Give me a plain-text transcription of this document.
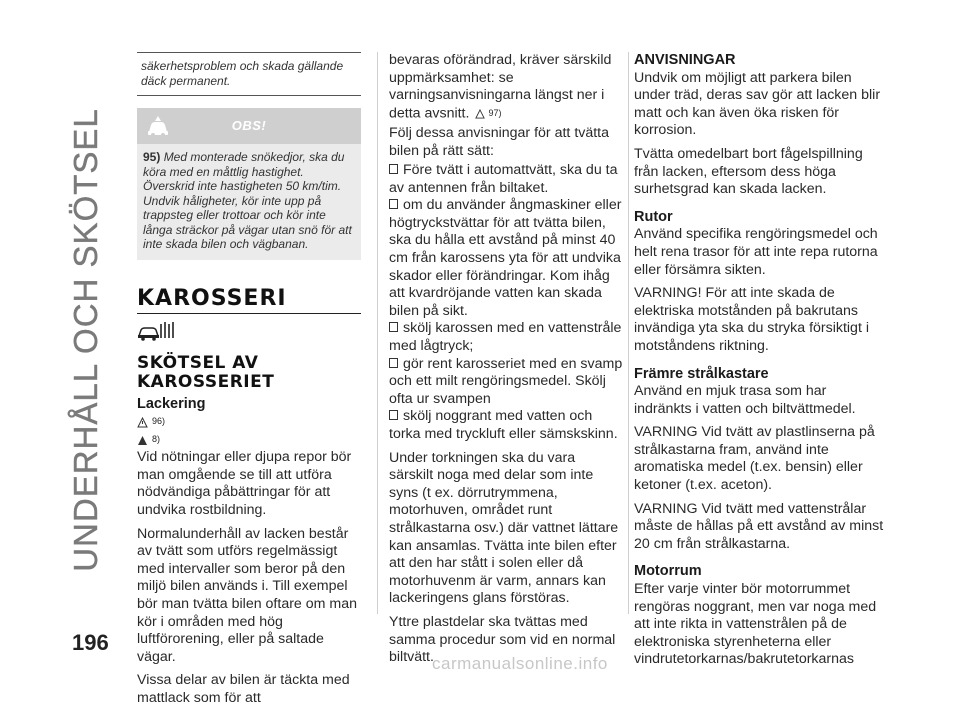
UNDERHÅLL OCH SKÖTSEL
196
säkerhetsproblem och skada gällande däck permanent.
OBS!
95) Med monterade snökedjor, ska du köra med en måttlig hastighet. Överskrid inte hastigheten 50 km/tim. Undvik håligheter, kör inte upp på trappsteg eller trottoar och kör inte långa sträckor på vägar utan snö för att inte skada bilen och vägbanan.
KAROSSERI
SKÖTSEL AV KAROSSERIET
Lackering
96)
8)

Vid nötningar eller djupa repor bör man omgående se till att utföra nödvändiga påbättringar för att undvika rostbildning.

Normalunderhåll av lacken består av tvätt som utförs regelmässigt med intervaller som beror på den miljö bilen används i. Till exempel bör man tvätta bilen oftare om man kör i områden med hög luftförorening, eller på saltade vägar.

Vissa delar av bilen är täckta med mattlack som för att

bevaras oförändrad, kräver särskild uppmärksamhet: se varningsanvisningarna längst ner i detta avsnitt. 97)

Följ dessa anvisningar för att tvätta bilen på rätt sätt:

Före tvätt i automattvätt, ska du ta av antennen från biltaket.
om du använder ångmaskiner eller högtryckstvättar för att tvätta bilen, ska du hålla ett avstånd på minst 40 cm från karossens yta för att undvika skador eller förändringar. Kom ihåg att kvardröjande vatten kan skada bilen på sikt.
skölj karossen med en vattenstråle med lågtryck;
gör rent karosseriet med en svamp och ett milt rengöringsmedel. Skölj ofta ur svampen
skölj noggrant med vatten och torka med tryckluft eller sämskskinn.

Under torkningen ska du vara särskilt noga med delar som inte syns (t ex. dörrutrymmena, motorhuven, området runt strålkastarna osv.) där vattnet lättare kan ansamlas. Tvätta inte bilen efter att den har stått i solen eller då motorhuvenm är varm, annars kan lackeringens glans förstöras.

Yttre plastdelar ska tvättas med samma procedur som vid en normal biltvätt.

ANVISNINGAR

Undvik om möjligt att parkera bilen under träd, deras sav gör att lacken blir matt och kan även öka risken för korrosion.

Tvätta omedelbart bort fågelspillning från lacken, eftersom dess höga surhetsgrad kan skada lacken.

Rutor

Använd specifika rengöringsmedel och helt rena trasor för att inte repa rutorna eller försämra sikten.

VARNING! För att inte skada de elektriska motstånden på bakrutans invändiga yta ska du stryka försiktigt i motståndens riktning.

Främre strålkastare

Använd en mjuk trasa som har indränkts i vatten och biltvättmedel.

VARNING Vid tvätt av plastlinserna på strålkastarna fram, använd inte aromatiska medel (t.ex. bensin) eller ketoner (t.ex. aceton).

VARNING Vid tvätt med vattenstrålar måste de hållas på ett avstånd av minst 20 cm från strålkastarna.

Motorrum

Efter varje vinter bör motorrummet rengöras noggrant, men var noga med att inte rikta in vattenstrålen på de elektroniska styrenheterna eller vindrutetorkarnas/bakrutetorkarnas

carmanualsonline.info
